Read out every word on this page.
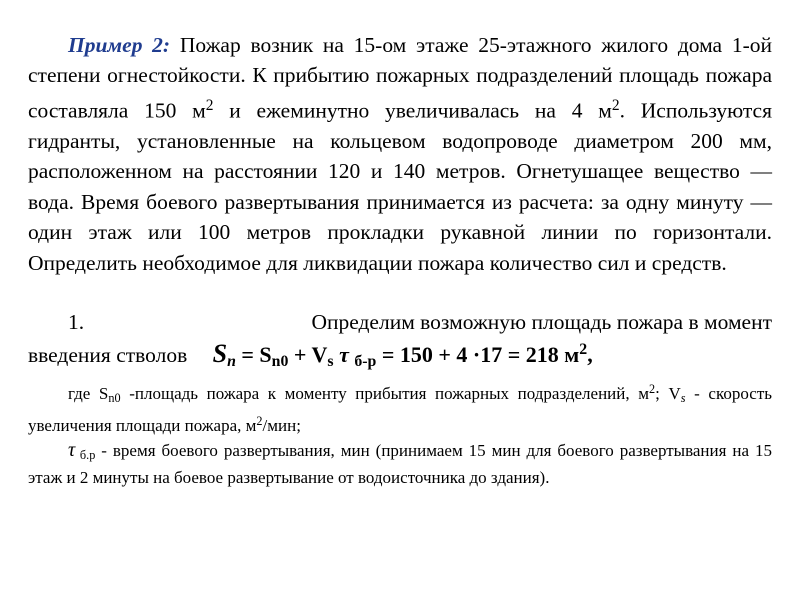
Пример 2: Пожар возник на 15-ом этаже 25-этажного жилого дома 1-ой степени огнестойкости. К прибытию пожарных подразделений площадь пожара составляла 150 $м^2$ и ежеминутно увеличивалась на 4 $м^2$. Используются гидранты, установленные на кольцевом водопроводе диаметром 200 мм, расположенном на расстоянии 120 и 140 метров. Огнетушащее вещество — вода. Время боевого развертывания принимается из расчета: за одну минуту — один этаж или 100 метров прокладки рукавной линии по горизонтали. Определить необходимое для ликвидации пожара количество сил и средств.

1.	Определим возможную площадь пожара в момент
введения стволов $S_n = S_{n0} + V_s$ τ $_{б-р}$ = 150 + 4 ·17 = 218 $м^2$,

где $S_{n0}$ -площадь пожара к моменту прибытия пожарных подразделений, $м^2$; $V_s$ - скорость увеличения площади пожара, $м^2$/мин;

τ $_{б.р}$ - время боевого развертывания, мин (принимаем 15 мин для боевого развертывания на 15 этаж и 2 минуты на боевое развертывание от водоисточника до здания).
